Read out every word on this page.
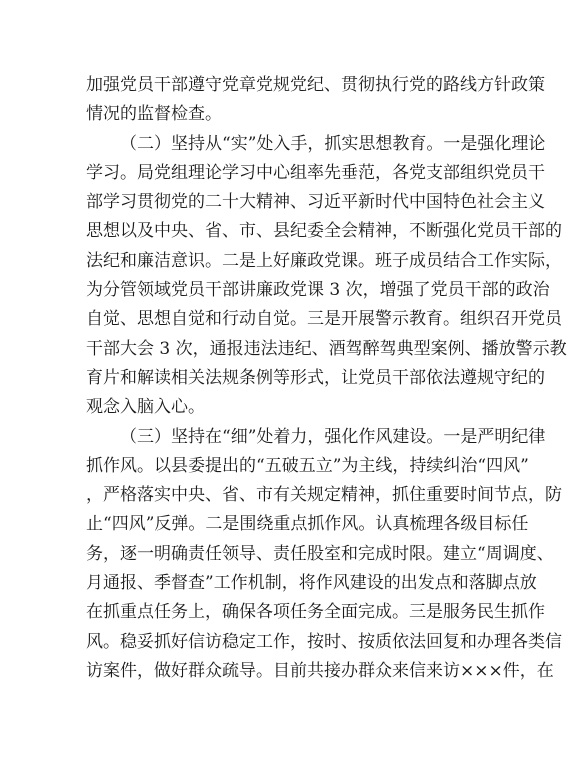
加强党员干部遵守党章党规党纪、贯彻执行党的路线方针政策
情况的监督检查。
（二）坚持从“实”处入手，抓实思想教育。一是强化理论
学习。局党组理论学习中心组率先垂范，各党支部组织党员干
部学习贯彻党的二十大精神、习近平新时代中国特色社会主义
思想以及中央、省、市、县纪委全会精神，不断强化党员干部的
法纪和廉洁意识。二是上好廉政党课。班子成员结合工作实际，
为分管领域党员干部讲廉政党课 3 次，增强了党员干部的政治
自觉、思想自觉和行动自觉。三是开展警示教育。组织召开党员
干部大会 3 次，通报违法违纪、酒驾醉驾典型案例、播放警示教
育片和解读相关法规条例等形式，让党员干部依法遵规守纪的
观念入脑入心。
（三）坚持在“细”处着力，强化作风建设。一是严明纪律
抓作风。以县委提出的“五破五立”为主线，持续纠治“四风”
，严格落实中央、省、市有关规定精神，抓住重要时间节点，防
止“四风”反弹。二是围绕重点抓作风。认真梳理各级目标任
务，逐一明确责任领导、责任股室和完成时限。建立“周调度、
月通报、季督查”工作机制，将作风建设的出发点和落脚点放
在抓重点任务上，确保各项任务全面完成。三是服务民生抓作
风。稳妥抓好信访稳定工作，按时、按质依法回复和办理各类信
访案件，做好群众疏导。目前共接办群众来信来访×××件，在
